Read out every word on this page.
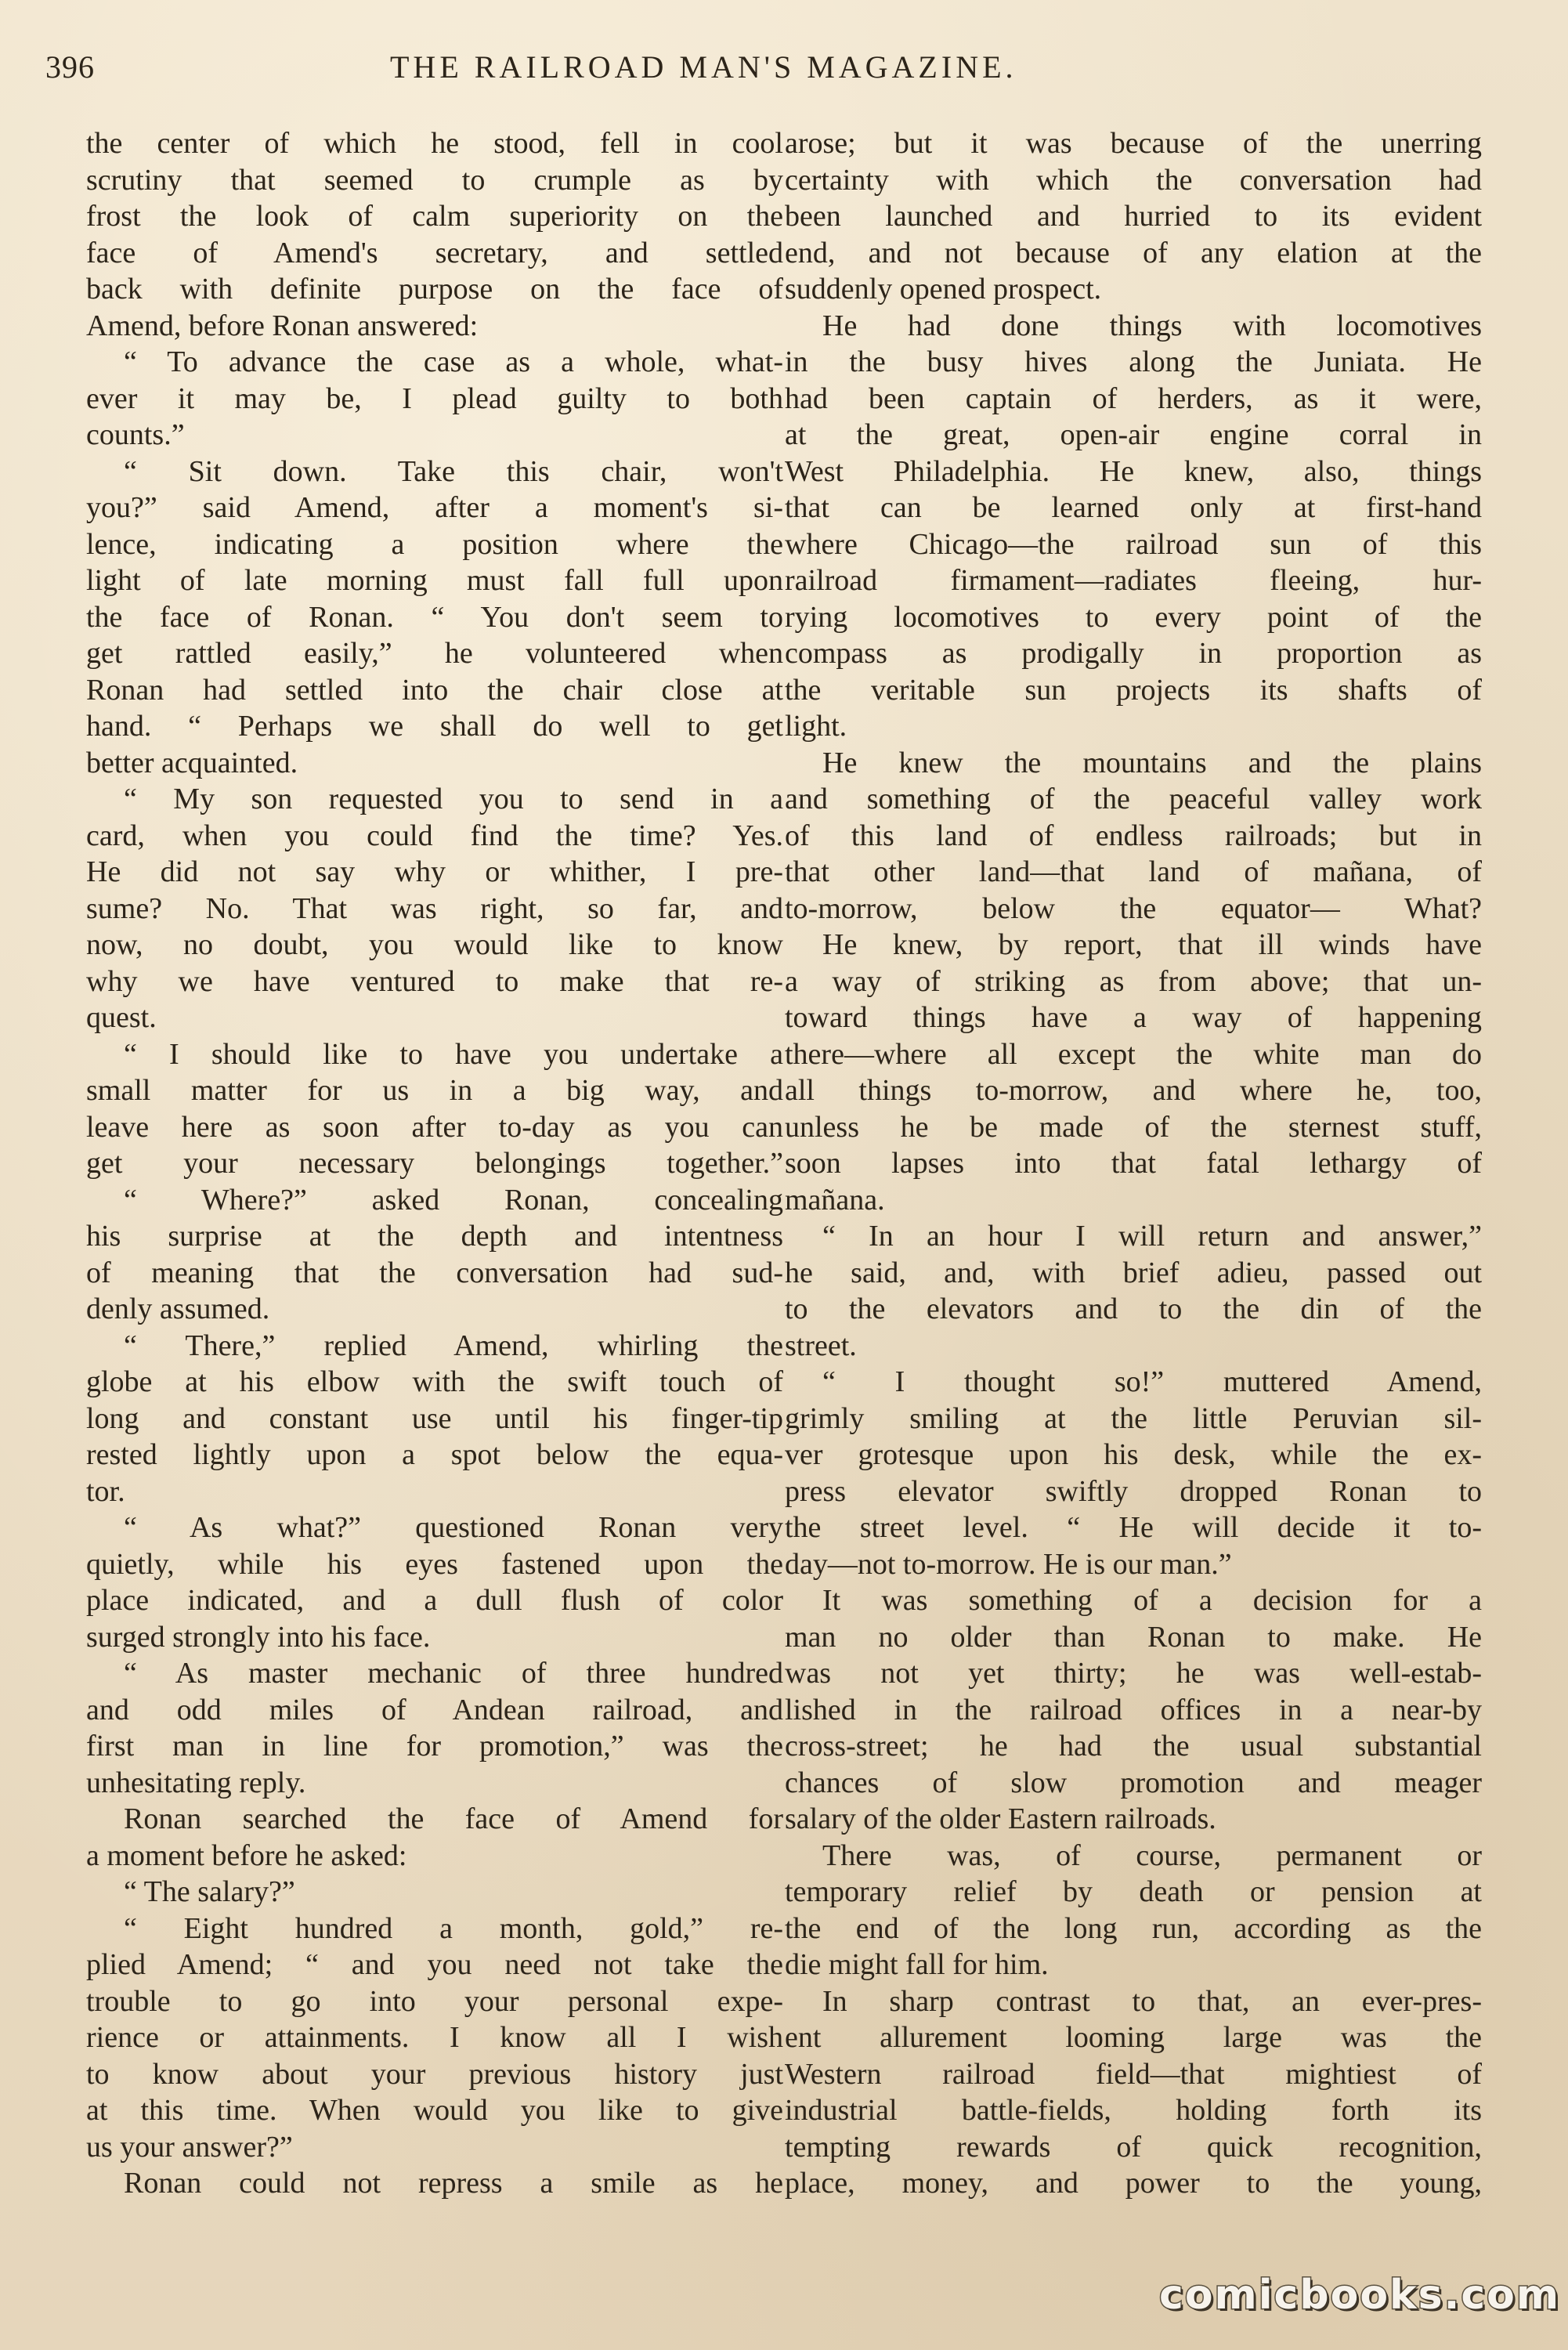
396	THE RAILROAD MAN'S MAGAZINE.
the center of which he stood, fell in cool
scrutiny that seemed to crumple as by
frost the look of calm superiority on the
face of Amend's secretary, and settled
back with definite purpose on the face of
Amend, before Ronan answered:
“ To advance the case as a whole, what-
ever it may be, I plead guilty to both
counts.”
“ Sit down. Take this chair, won't
you?” said Amend, after a moment's si-
lence, indicating a position where the
light of late morning must fall full upon
the face of Ronan. “ You don't seem to
get rattled easily,” he volunteered when
Ronan had settled into the chair close at
hand. “ Perhaps we shall do well to get
better acquainted.
“ My son requested you to send in a
card, when you could find the time? Yes.
He did not say why or whither, I pre-
sume? No. That was right, so far, and
now, no doubt, you would like to know
why we have ventured to make that re-
quest.
“ I should like to have you undertake a
small matter for us in a big way, and
leave here as soon after to-day as you can
get your necessary belongings together.”
“ Where?” asked Ronan, concealing
his surprise at the depth and intentness
of meaning that the conversation had sud-
denly assumed.
“ There,” replied Amend, whirling the
globe at his elbow with the swift touch of
long and constant use until his finger-tip
rested lightly upon a spot below the equa-
tor.
“ As what?” questioned Ronan very
quietly, while his eyes fastened upon the
place indicated, and a dull flush of color
surged strongly into his face.
“ As master mechanic of three hundred
and odd miles of Andean railroad, and
first man in line for promotion,” was the
unhesitating reply.
Ronan searched the face of Amend for
a moment before he asked:
“ The salary?”
“ Eight hundred a month, gold,” re-
plied Amend; “ and you need not take the
trouble to go into your personal expe-
rience or attainments. I know all I wish
to know about your previous history just
at this time. When would you like to give
us your answer?”
Ronan could not repress a smile as he
arose; but it was because of the unerring
certainty with which the conversation had
been launched and hurried to its evident
end, and not because of any elation at the
suddenly opened prospect.
He had done things with locomotives
in the busy hives along the Juniata. He
had been captain of herders, as it were,
at the great, open-air engine corral in
West Philadelphia. He knew, also, things
that can be learned only at first-hand
where Chicago—the railroad sun of this
railroad firmament—radiates fleeing, hur-
rying locomotives to every point of the
compass as prodigally in proportion as
the veritable sun projects its shafts of
light.
He knew the mountains and the plains
and something of the peaceful valley work
of this land of endless railroads; but in
that other land—that land of mañana, of
to-morrow, below the equator— What?
He knew, by report, that ill winds have
a way of striking as from above; that un-
toward things have a way of happening
there—where all except the white man do
all things to-morrow, and where he, too,
unless he be made of the sternest stuff,
soon lapses into that fatal lethargy of
mañana.
“ In an hour I will return and answer,”
he said, and, with brief adieu, passed out
to the elevators and to the din of the
street.
“ I thought so!” muttered Amend,
grimly smiling at the little Peruvian sil-
ver grotesque upon his desk, while the ex-
press elevator swiftly dropped Ronan to
the street level. “ He will decide it to-
day—not to-morrow. He is our man.”
It was something of a decision for a
man no older than Ronan to make. He
was not yet thirty; he was well-estab-
lished in the railroad offices in a near-by
cross-street; he had the usual substantial
chances of slow promotion and meager
salary of the older Eastern railroads.
There was, of course, permanent or
temporary relief by death or pension at
the end of the long run, according as the
die might fall for him.
In sharp contrast to that, an ever-pres-
ent allurement looming large was the
Western railroad field—that mightiest of
industrial battle-fields, holding forth its
tempting rewards of quick recognition,
place, money, and power to the young,
comicbooks.com
